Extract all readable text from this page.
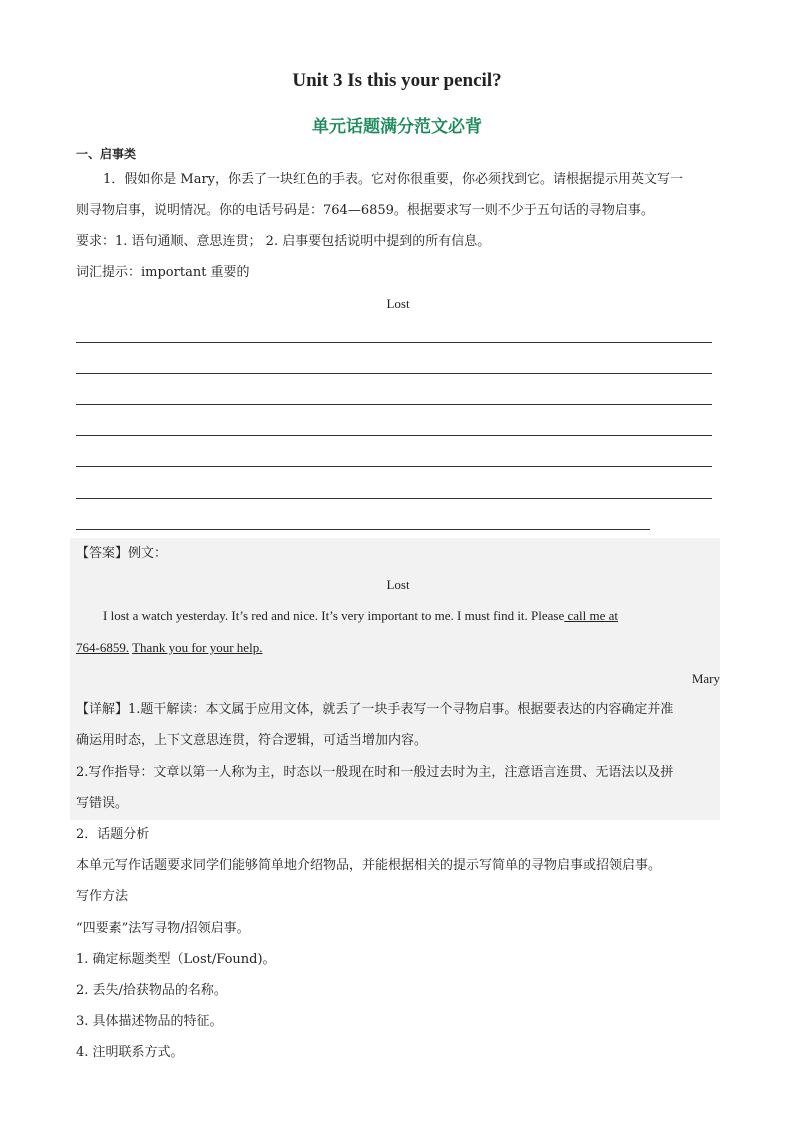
Unit 3 Is this your pencil?
单元话题满分范文必背
一、启事类
1．假如你是 Mary，你丢了一块红色的手表。它对你很重要，你必须找到它。请根据提示用英文写一
则寻物启事，说明情况。你的电话号码是：764—6859。根据要求写一则不少于五句话的寻物启事。
要求：1. 语句通顺、意思连贯； 2. 启事要包括说明中提到的所有信息。
词汇提示：important 重要的
Lost
【答案】例文：
Lost
I lost a watch yesterday. It’s red and nice. It’s very important to me. I must find it. Please call me at
764-6859. Thank you for your help.
Mary
【详解】1.题干解读：本文属于应用文体，就丢了一块手表写一个寻物启事。根据要表达的内容确定并准
确运用时态，上下文意思连贯，符合逻辑，可适当增加内容。
2.写作指导：文章以第一人称为主，时态以一般现在时和一般过去时为主，注意语言连贯、无语法以及拼
写错误。
2．话题分析
本单元写作话题要求同学们能够简单地介绍物品，并能根据相关的提示写简单的寻物启事或招领启事。
写作方法
“四要素”法写寻物/招领启事。
1. 确定标题类型（Lost/Found)。
2. 丢失/拾获物品的名称。
3. 具体描述物品的特征。
4. 注明联系方式。
